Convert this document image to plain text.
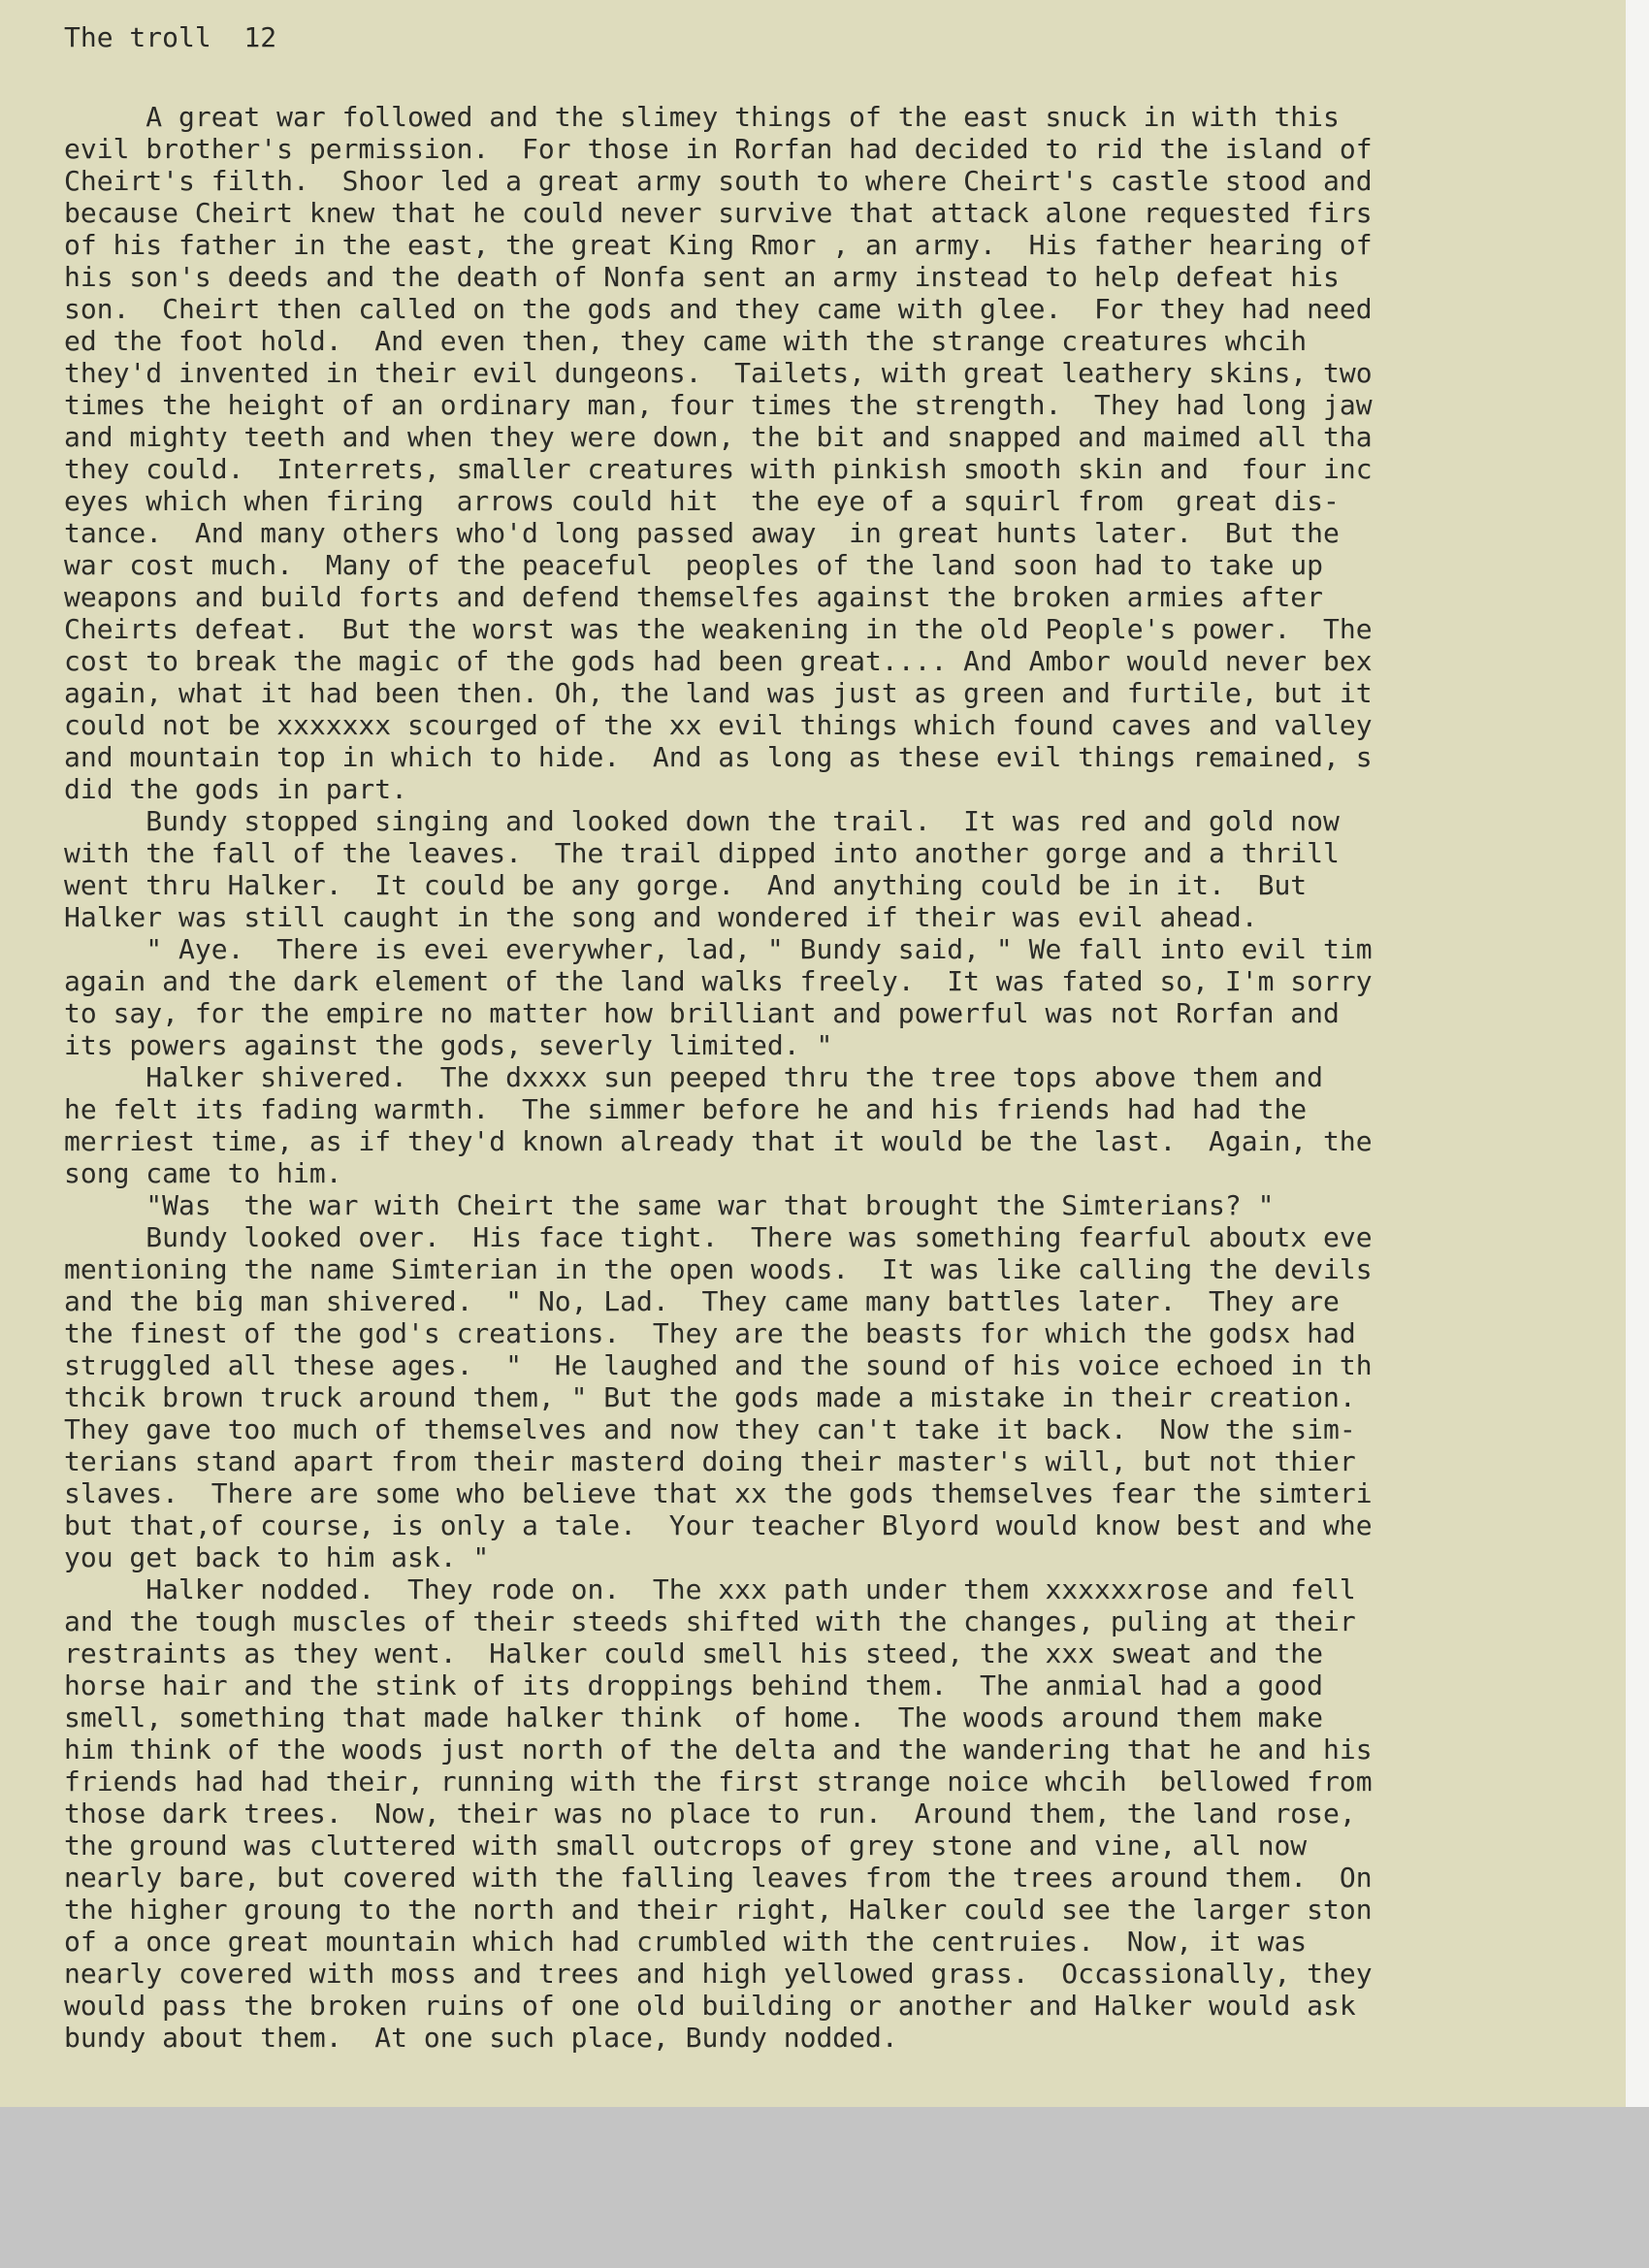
The troll  12
A great war followed and the slimey things of the east snuck in with this
evil brother's permission.  For those in Rorfan had decided to rid the island of
Cheirt's filth.  Shoor led a great army south to where Cheirt's castle stood and
because Cheirt knew that he could never survive that attack alone requested firs
of his father in the east, the great King Rmor , an army.  His father hearing of
his son's deeds and the death of Nonfa sent an army instead to help defeat his
son.  Cheirt then called on the gods and they came with glee.  For they had need
ed the foot hold.  And even then, they came with the strange creatures whcih
they'd invented in their evil dungeons.  Tailets, with great leathery skins, two
times the height of an ordinary man, four times the strength.  They had long jaw
and mighty teeth and when they were down, the bit and snapped and maimed all tha
they could.  Interrets, smaller creatures with pinkish smooth skin and  four inc
eyes which when firing  arrows could hit  the eye of a squirl from  great dis-
tance.  And many others who'd long passed away  in great hunts later.  But the
war cost much.  Many of the peaceful  peoples of the land soon had to take up
weapons and build forts and defend themselfes against the broken armies after
Cheirts defeat.  But the worst was the weakening in the old People's power.  The
cost to break the magic of the gods had been great.... And Ambor would never bex
again, what it had been then. Oh, the land was just as green and furtile, but it
could not be xxxxxxx scourged of the xx evil things which found caves and valley
and mountain top in which to hide.  And as long as these evil things remained, s
did the gods in part.
Bundy stopped singing and looked down the trail.  It was red and gold now
with the fall of the leaves.  The trail dipped into another gorge and a thrill
went thru Halker.  It could be any gorge.  And anything could be in it.  But
Halker was still caught in the song and wondered if their was evil ahead.
" Aye.  There is evei everywher, lad, " Bundy said, " We fall into evil tim
again and the dark element of the land walks freely.  It was fated so, I'm sorry
to say, for the empire no matter how brilliant and powerful was not Rorfan and
its powers against the gods, severly limited. "
Halker shivered.  The dxxxx sun peeped thru the tree tops above them and
he felt its fading warmth.  The simmer before he and his friends had had the
merriest time, as if they'd known already that it would be the last.  Again, the
song came to him.
"Was  the war with Cheirt the same war that brought the Simterians? "
Bundy looked over.  His face tight.  There was something fearful aboutx eve
mentioning the name Simterian in the open woods.  It was like calling the devils
and the big man shivered.  " No, Lad.  They came many battles later.  They are
the finest of the god's creations.  They are the beasts for which the godsx had
struggled all these ages.  "  He laughed and the sound of his voice echoed in th
thcik brown truck around them, " But the gods made a mistake in their creation.
They gave too much of themselves and now they can't take it back.  Now the sim-
terians stand apart from their masterd doing their master's will, but not thier
slaves.  There are some who believe that xx the gods themselves fear the simteri
but that,of course, is only a tale.  Your teacher Blyord would know best and whe
you get back to him ask. "
Halker nodded.  They rode on.  The xxx path under them xxxxxxrose and fell
and the tough muscles of their steeds shifted with the changes, puling at their
restraints as they went.  Halker could smell his steed, the xxx sweat and the
horse hair and the stink of its droppings behind them.  The anmial had a good
smell, something that made halker think  of home.  The woods around them make
him think of the woods just north of the delta and the wandering that he and his
friends had had their, running with the first strange noice whcih  bellowed from
those dark trees.  Now, their was no place to run.  Around them, the land rose,
the ground was cluttered with small outcrops of grey stone and vine, all now
nearly bare, but covered with the falling leaves from the trees around them.  On
the higher groung to the north and their right, Halker could see the larger ston
of a once great mountain which had crumbled with the centruies.  Now, it was
nearly covered with moss and trees and high yellowed grass.  Occassionally, they
would pass the broken ruins of one old building or another and Halker would ask
bundy about them.  At one such place, Bundy nodded.
